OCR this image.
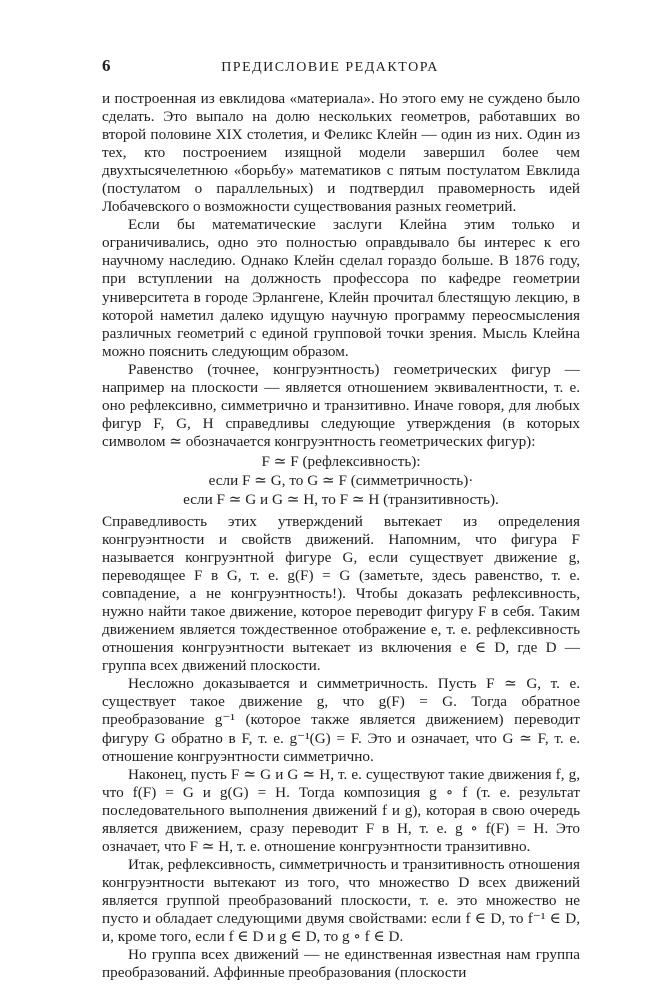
6	ПРЕДИСЛОВИЕ РЕДАКТОРА

и построенная из евклидова «материала». Но этого ему не суждено было сделать. Это выпало на долю нескольких геометров, работавших во второй половине XIX столетия, и Феликс Клейн — один из них. Один из тех, кто построением изящной модели завершил более чем двухтысячелетнюю «борьбу» математиков с пятым постулатом Евклида (постулатом о параллельных) и подтвердил правомерность идей Лобачевского о возможности существования разных геометрий.

Если бы математические заслуги Клейна этим только и ограничивались, одно это полностью оправдывало бы интерес к его научному наследию. Однако Клейн сделал гораздо больше. В 1876 году, при вступлении на должность профессора по кафедре геометрии университета в городе Эрлангене, Клейн прочитал блестящую лекцию, в которой наметил далеко идущую научную программу переосмысления различных геометрий с единой групповой точки зрения. Мысль Клейна можно пояснить следующим образом.

Равенство (точнее, конгруэнтность) геометрических фигур — например на плоскости — является отношением эквивалентности, т. е. оно рефлексивно, симметрично и транзитивно. Иначе говоря, для любых фигур F, G, H справедливы следующие утверждения (в которых символом ≃ обозначается конгруэнтность геометрических фигур):

F ≃ F (рефлексивность):
если F ≃ G, то G ≃ F (симметричность)·
если F ≃ G и G ≃ H, то F ≃ H (транзитивность).

Справедливость этих утверждений вытекает из определения конгруэнтности и свойств движений. Напомним, что фигура F называется конгруэнтной фигуре G, если существует движение g, переводящее F в G, т. е. g(F) = G (заметьте, здесь равенство, т. е. совпадение, а не конгруэнтность!). Чтобы доказать рефлексивность, нужно найти такое движение, которое переводит фигуру F в себя. Таким движением является тождественное отображение e, т. е. рефлексивность отношения конгруэнтности вытекает из включения e ∈ D, где D — группа всех движений плоскости.

Несложно доказывается и симметричность. Пусть F ≃ G, т. е. существует такое движение g, что g(F) = G. Тогда обратное преобразование g⁻¹ (которое также является движением) переводит фигуру G обратно в F, т. е. g⁻¹(G) = F. Это и означает, что G ≃ F, т. е. отношение конгруэнтности симметрично.

Наконец, пусть F ≃ G и G ≃ H, т. е. существуют такие движения f, g, что f(F) = G и g(G) = H. Тогда композиция g ∘ f (т. е. результат последовательного выполнения движений f и g), которая в свою очередь является движением, сразу переводит F в H, т. е. g ∘ f(F) = H. Это означает, что F ≃ H, т. е. отношение конгруэнтности транзитивно.

Итак, рефлексивность, симметричность и транзитивность отношения конгруэнтности вытекают из того, что множество D всех движений является группой преобразований плоскости, т. е. это множество не пусто и обладает следующими двумя свойствами: если f ∈ D, то f⁻¹ ∈ D, и, кроме того, если f ∈ D и g ∈ D, то g ∘ f ∈ D.

Но группа всех движений — не единственная известная нам группа преобразований. Аффинные преобразования (плоскости
